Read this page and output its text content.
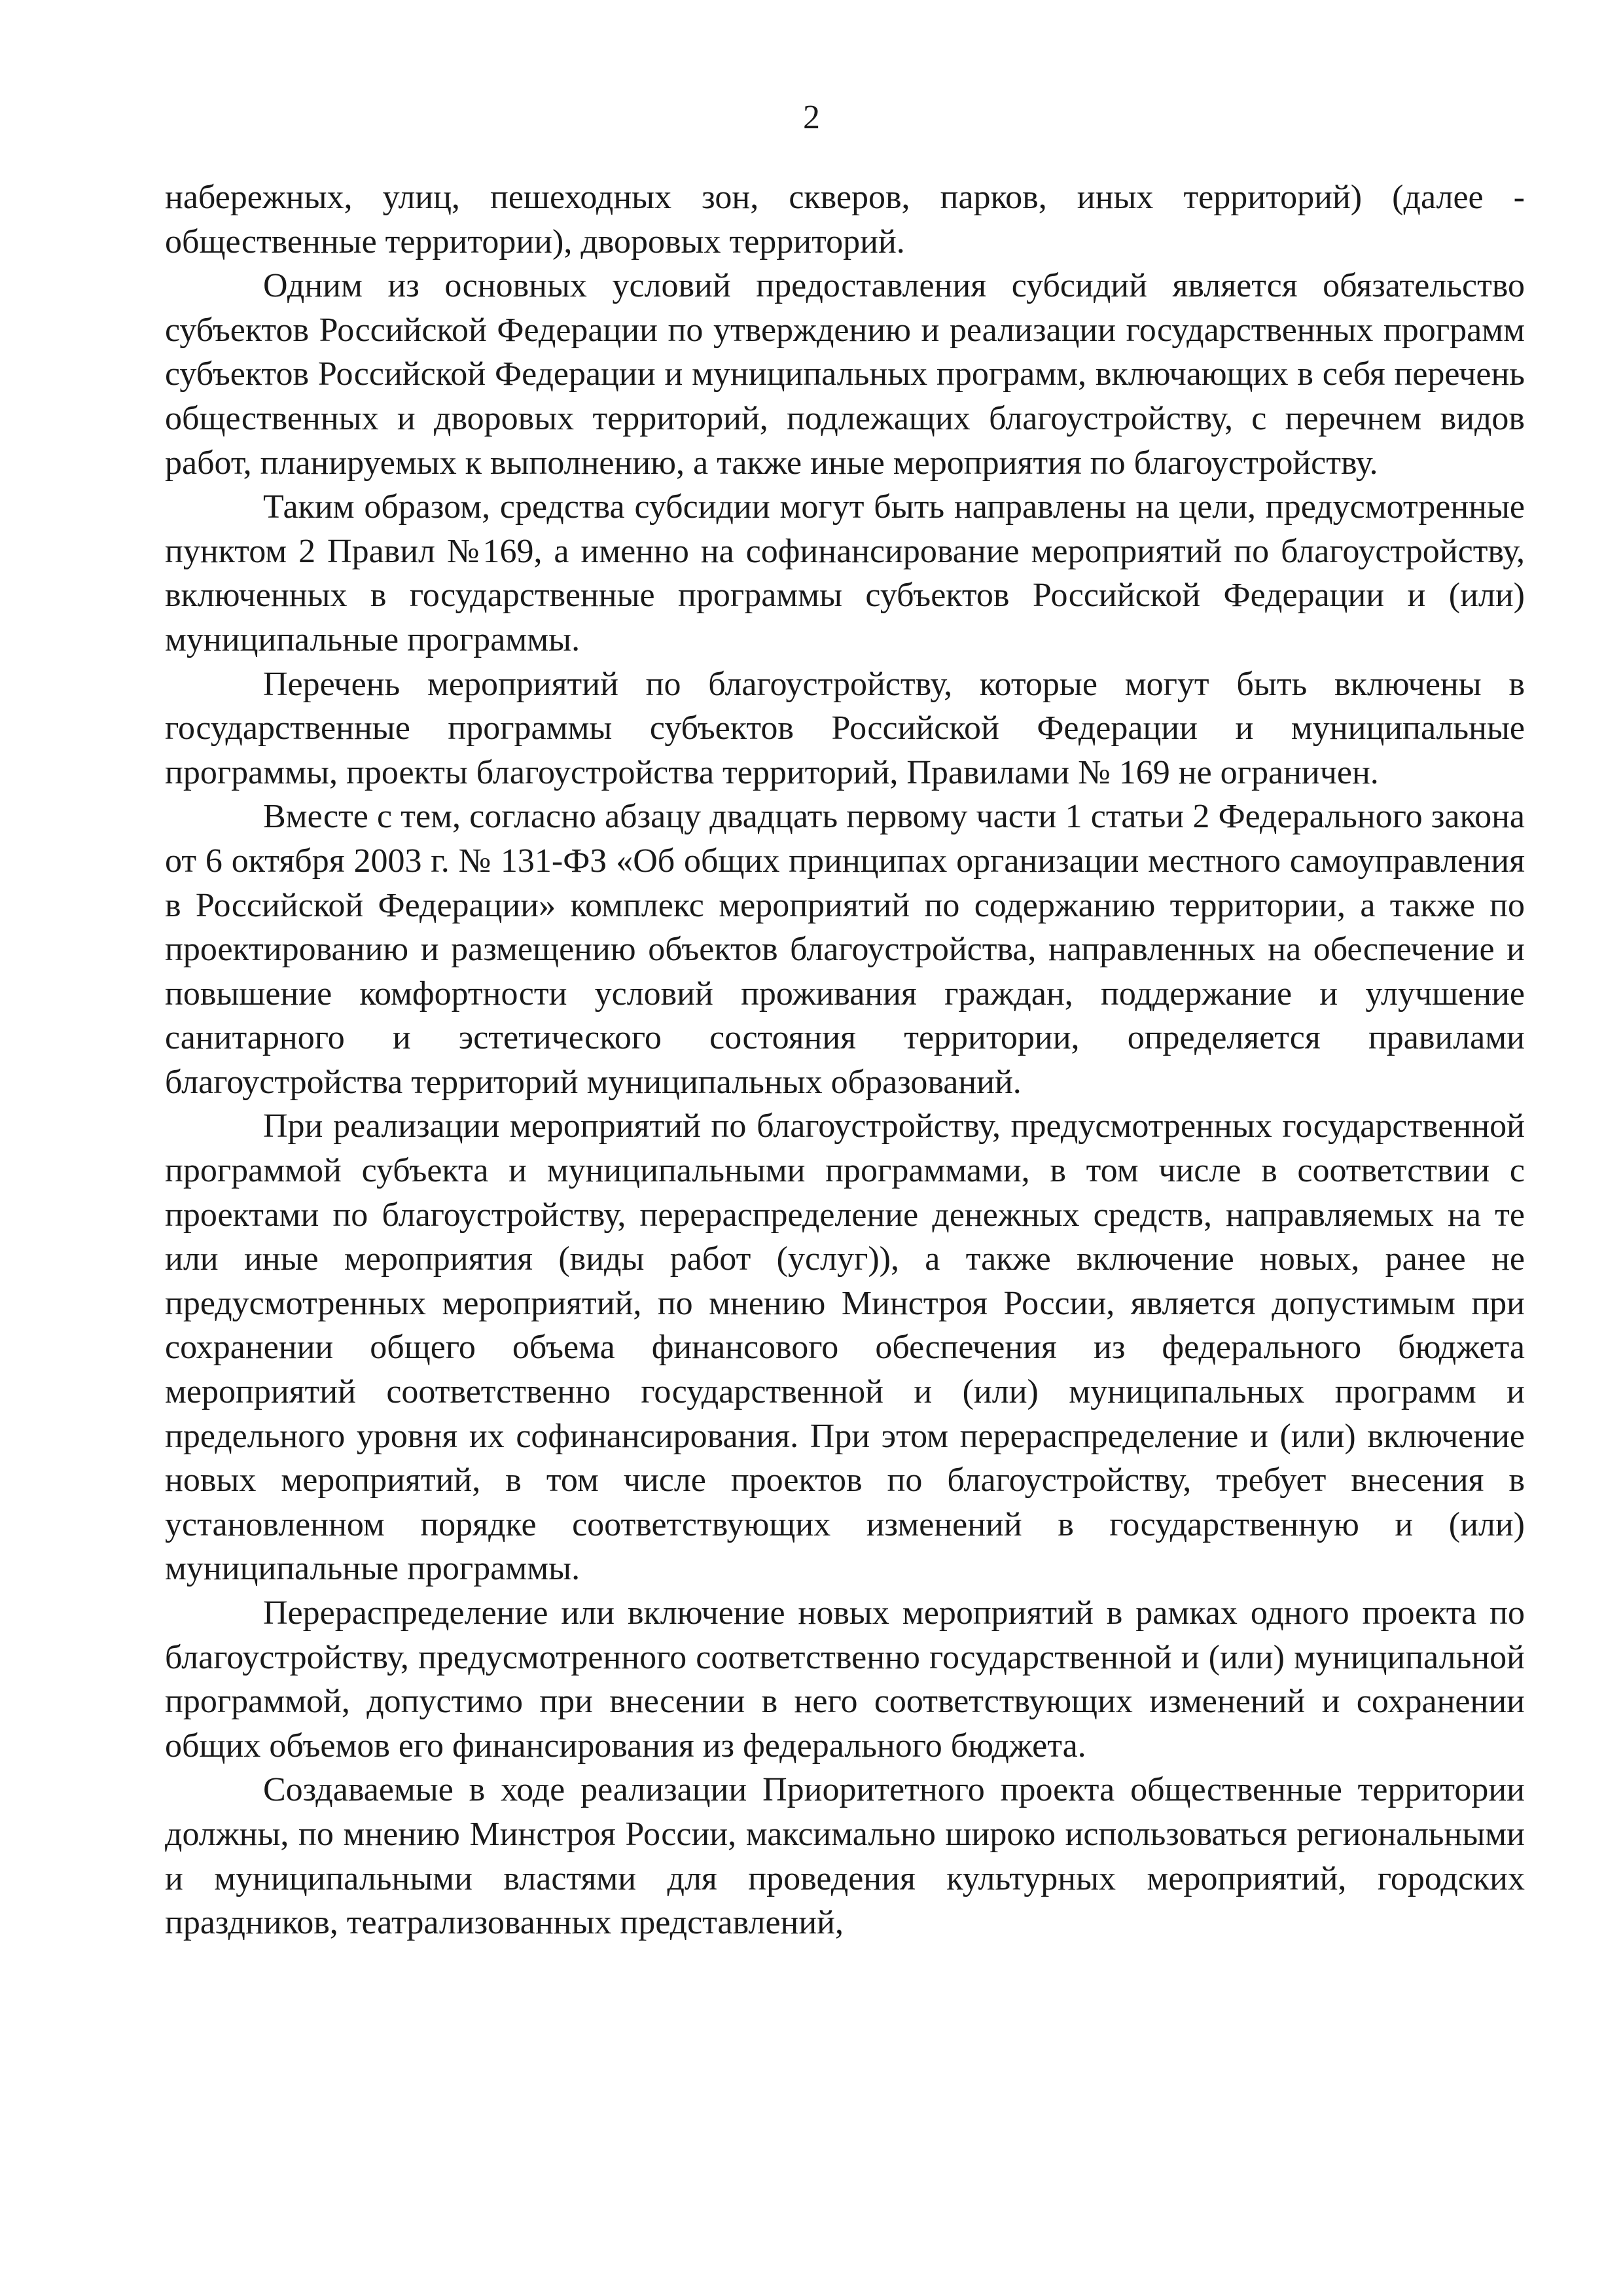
2

набережных, улиц, пешеходных зон, скверов, парков, иных территорий) (далее - общественные территории), дворовых территорий.

Одним из основных условий предоставления субсидий является обязательство субъектов Российской Федерации по утверждению и реализации государственных программ субъектов Российской Федерации и муниципальных программ, включающих в себя перечень общественных и дворовых территорий, подлежащих благоустройству, с перечнем видов работ, планируемых к выполнению, а также иные мероприятия по благоустройству.

Таким образом, средства субсидии могут быть направлены на цели, предусмотренные пунктом 2 Правил №169, а именно на софинансирование мероприятий по благоустройству, включенных в государственные программы субъектов Российской Федерации и (или) муниципальные программы.

Перечень мероприятий по благоустройству, которые могут быть включены в государственные программы субъектов Российской Федерации и муниципальные программы, проекты благоустройства территорий, Правилами № 169 не ограничен.

Вместе с тем, согласно абзацу двадцать первому части 1 статьи 2 Федерального закона от 6 октября 2003 г. № 131-ФЗ «Об общих принципах организации местного самоуправления в Российской Федерации» комплекс мероприятий по содержанию территории, а также по проектированию и размещению объектов благоустройства, направленных на обеспечение и повышение комфортности условий проживания граждан, поддержание и улучшение санитарного и эстетического состояния территории, определяется правилами благоустройства территорий муниципальных образований.

При реализации мероприятий по благоустройству, предусмотренных государственной программой субъекта и муниципальными программами, в том числе в соответствии с проектами по благоустройству, перераспределение денежных средств, направляемых на те или иные мероприятия (виды работ (услуг)), а также включение новых, ранее не предусмотренных мероприятий, по мнению Минстроя России, является допустимым при сохранении общего объема финансового обеспечения из федерального бюджета мероприятий соответственно государственной и (или) муниципальных программ и предельного уровня их софинансирования. При этом перераспределение и (или) включение новых мероприятий, в том числе проектов по благоустройству, требует внесения в установленном порядке соответствующих изменений в государственную и (или) муниципальные программы.

Перераспределение или включение новых мероприятий в рамках одного проекта по благоустройству, предусмотренного соответственно государственной и (или) муниципальной программой, допустимо при внесении в него соответствующих изменений и сохранении общих объемов его финансирования из федерального бюджета.

Создаваемые в ходе реализации Приоритетного проекта общественные территории должны, по мнению Минстроя России, максимально широко использоваться региональными и муниципальными властями для проведения культурных мероприятий, городских праздников, театрализованных представлений,
